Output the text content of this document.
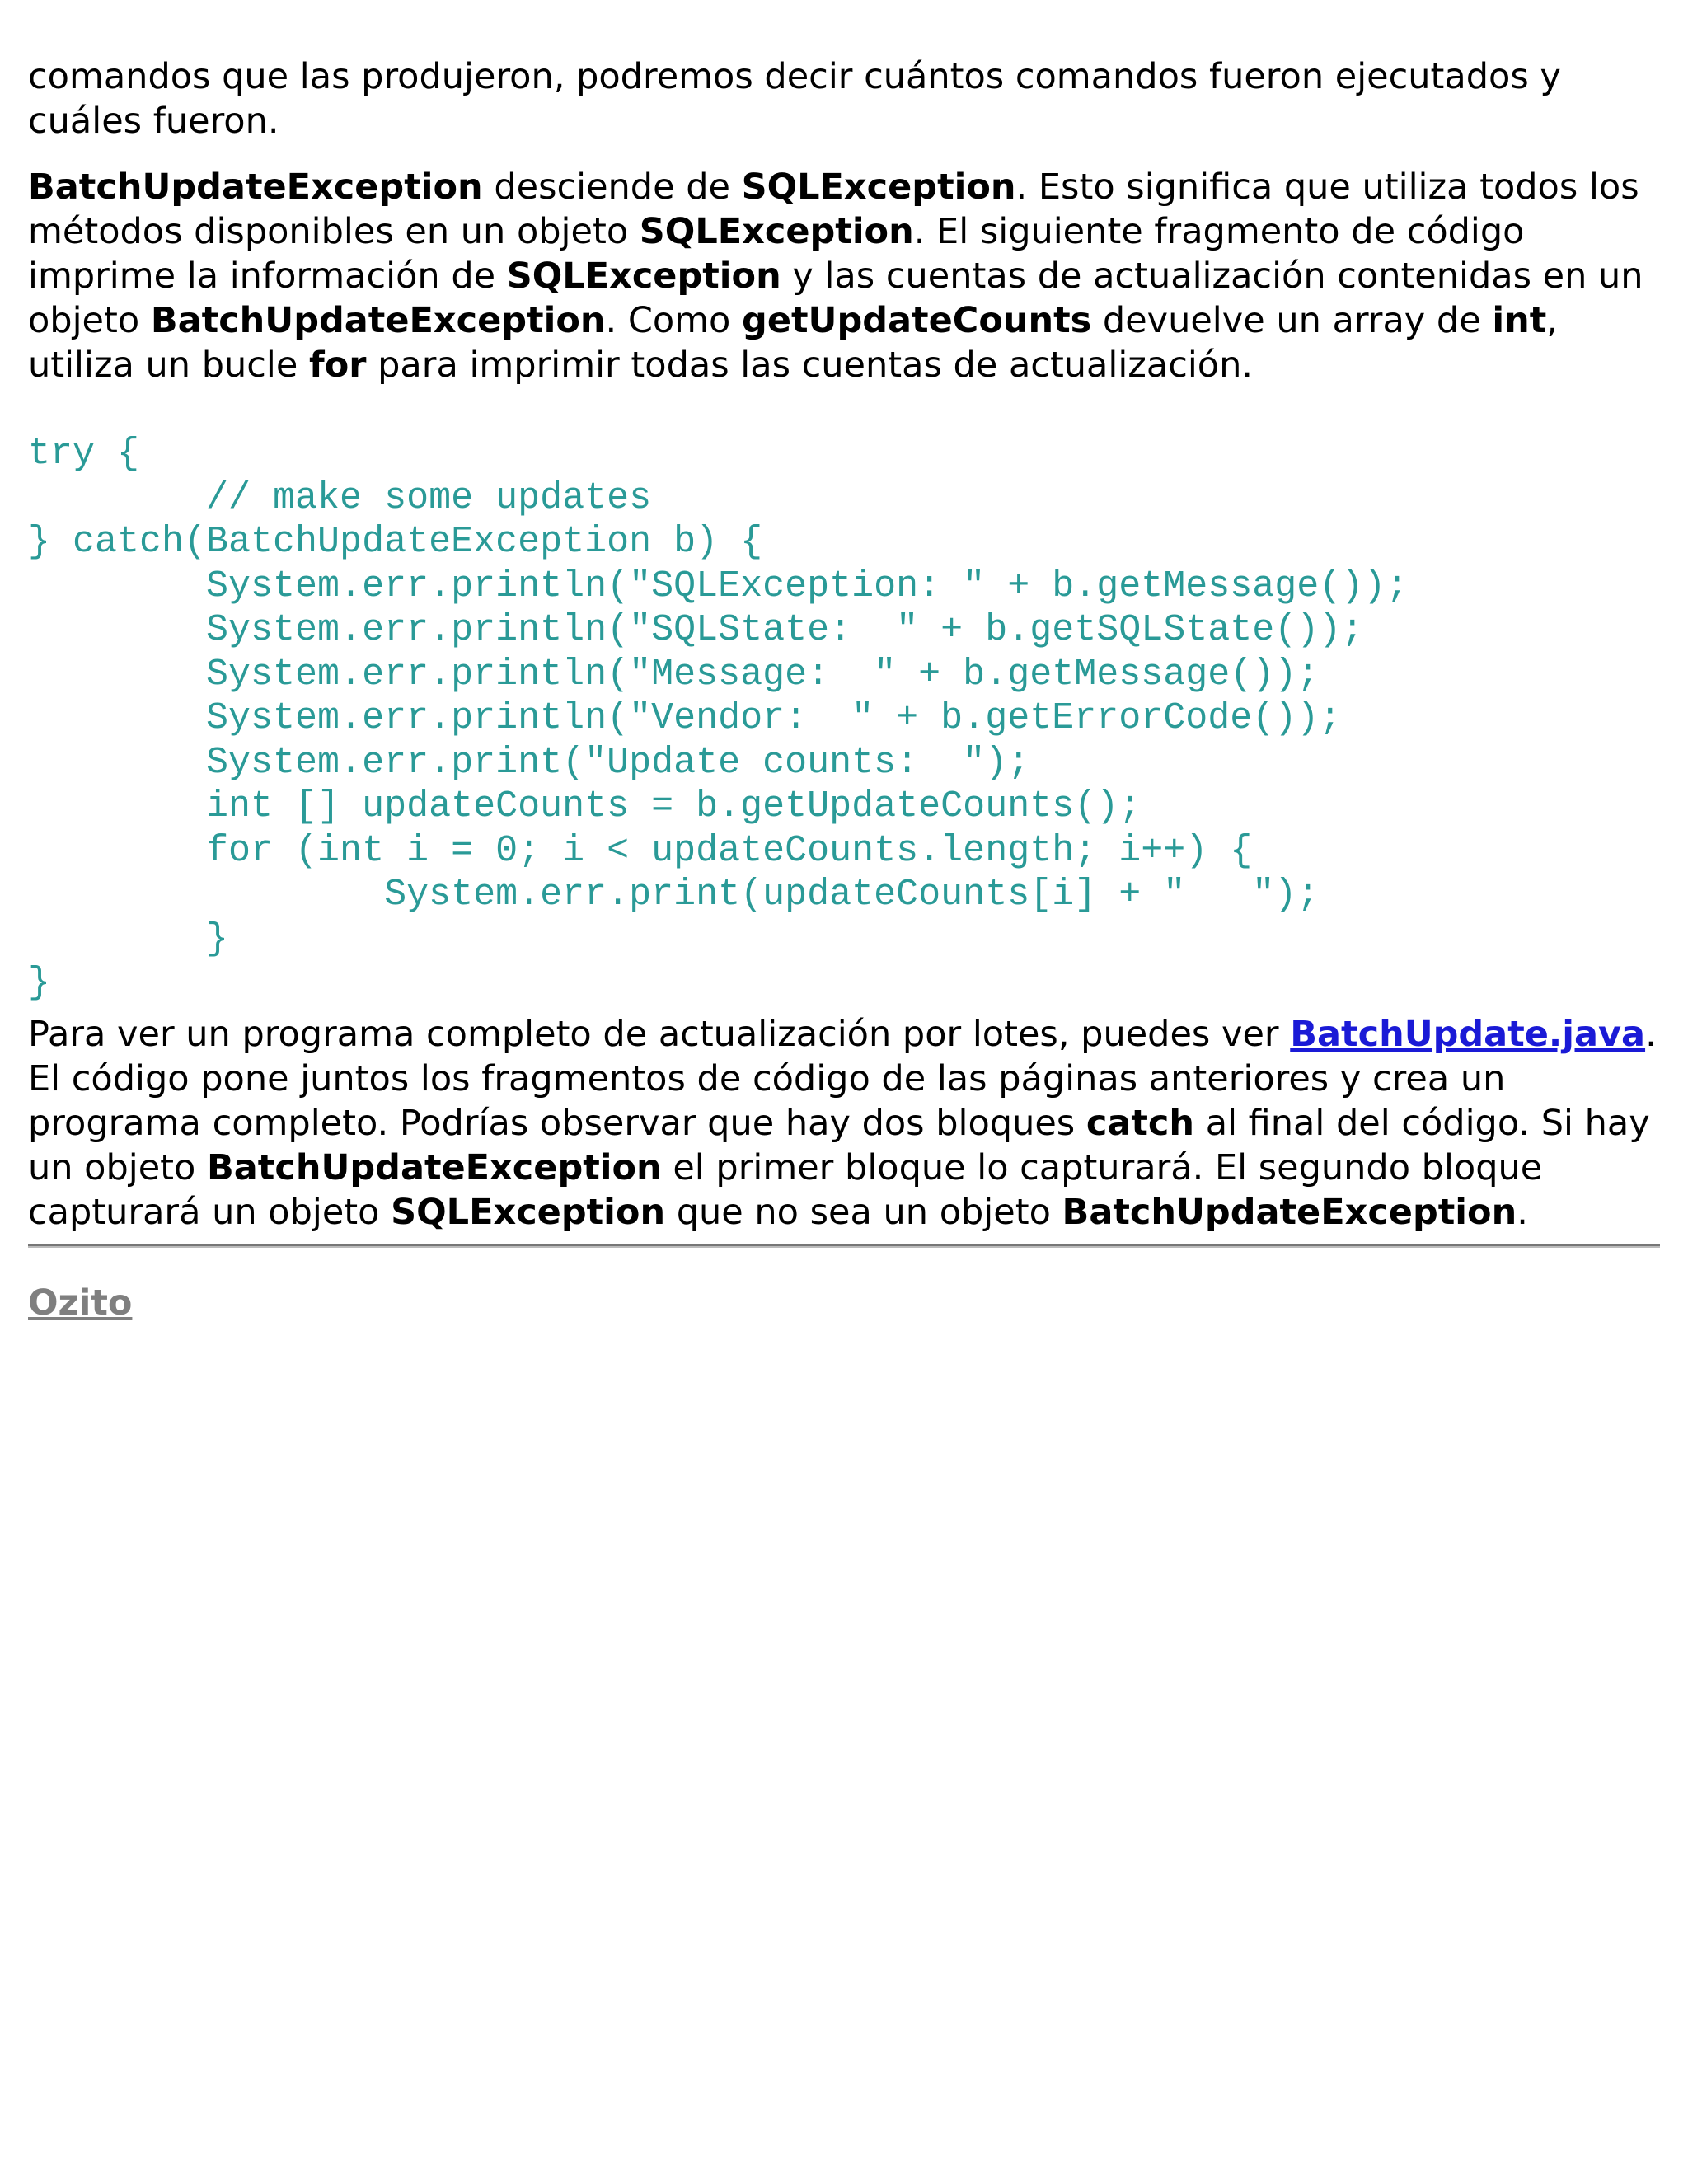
comandos que las produjeron, podremos decir cuántos comandos fueron ejecutados y cuáles fueron.

BatchUpdateException desciende de SQLException. Esto significa que utiliza todos los métodos disponibles en un objeto SQLException. El siguiente fragmento de código imprime la información de SQLException y las cuentas de actualización contenidas en un objeto BatchUpdateException. Como getUpdateCounts devuelve un array de int, utiliza un bucle for para imprimir todas las cuentas de actualización.

try {
// make some updates
} catch(BatchUpdateException b) {
System.err.println("SQLException: " + b.getMessage());
System.err.println("SQLState:  " + b.getSQLState());
System.err.println("Message:  " + b.getMessage());
System.err.println("Vendor:  " + b.getErrorCode());
System.err.print("Update counts:  ");
int [] updateCounts = b.getUpdateCounts();
for (int i = 0; i < updateCounts.length; i++) {
System.err.print(updateCounts[i] + "   ");
}
}

Para ver un programa completo de actualización por lotes, puedes ver BatchUpdate.java. El código pone juntos los fragmentos de código de las páginas anteriores y crea un programa completo. Podrías observar que hay dos bloques catch al final del código. Si hay un objeto BatchUpdateException el primer bloque lo capturará. El segundo bloque capturará un objeto SQLException que no sea un objeto BatchUpdateException.

Ozito
